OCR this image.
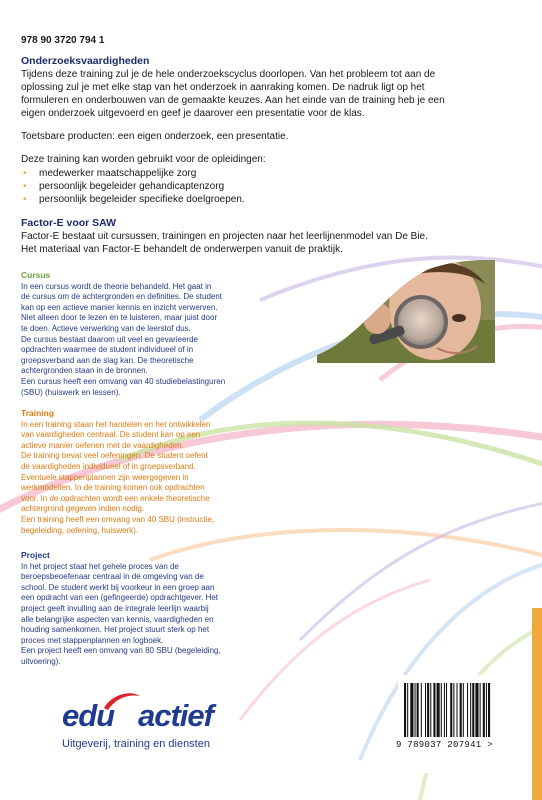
978 90 3720 794 1
Onderzoeksvaardigheden

Tijdens deze training zul je de hele onderzoekscyclus doorlopen. Van het probleem tot aan de

oplossing zul je met elke stap van het onderzoek in aanraking komen. De nadruk ligt op het

formuleren en onderbouwen van de gemaakte keuzes. Aan het einde van de training heb je een

eigen onderzoek uitgevoerd en geef je daarover een presentatie voor de klas.

Toetsbare producten: een eigen onderzoek, een presentatie.

Deze training kan worden gebruikt voor de opleidingen:

• medewerker maatschappelijke zorg
• persoonlijk begeleider gehandicaptenzorg
• persoonlijk begeleider specifieke doelgroepen.
Factor-E voor SAW

Factor-E bestaat uit cursussen, trainingen en projecten naar het leerlijnenmodel van De Bie.

Het materiaal van Factor-E behandelt de onderwerpen vanuit de praktijk.

Cursus

In een cursus wordt de theorie behandeld. Het gaat in

de cursus om de achtergronden en definities. De student

kan op een actieve manier kennis en inzicht verwerven.

Niet alleen door te lezen en te luisteren, maar juist door

te doen. Actieve verwerking van de leerstof dus.

De cursus bestaat daarom uit veel en gevarieerde

opdrachten waarmee de student individueel of in

groepsverband aan de slag kan. De theoretische

achtergronden staan in de bronnen.

Een cursus heeft een omvang van 40 studiebelastinguren

(SBU) (huiswerk en lessen).

Training

In een training staan het handelen en het ontwikkelen

van vaardigheden centraal. De student kan op een

actieve manier oefenen met de vaardigheden.

De training bevat veel oefeningen. De student oefent

de vaardigheden individueel of in groepsverband.

Eventuele stappenplannen zijn weergegeven in

werkmodellen. In de training komen ook opdrachten

voor. In de opdrachten wordt een enkele theoretische

achtergrond gegeven indien nodig.

Een training heeft een omvang van 40 SBU (instructie,

begeleiding, oefening, huiswerk).

Project

In het project staat het gehele proces van de

beroepsbeoefenaar centraal in de omgeving van de

school. De student werkt bij voorkeur in een groep aan

een opdracht van een (gefingeerde) opdrachtgever. Het

project geeft invulling aan de integrale leerlijn waarbij

alle belangrijke aspecten van kennis, vaardigheden en

houding samenkomen. Het project stuurt sterk op het

proces met stappenplannen en logboek.

Een project heeft een omvang van 80 SBU (begeleiding,

uitvoering).

edu actief
Uitgeverij, training en diensten	9 789037 207941 >
